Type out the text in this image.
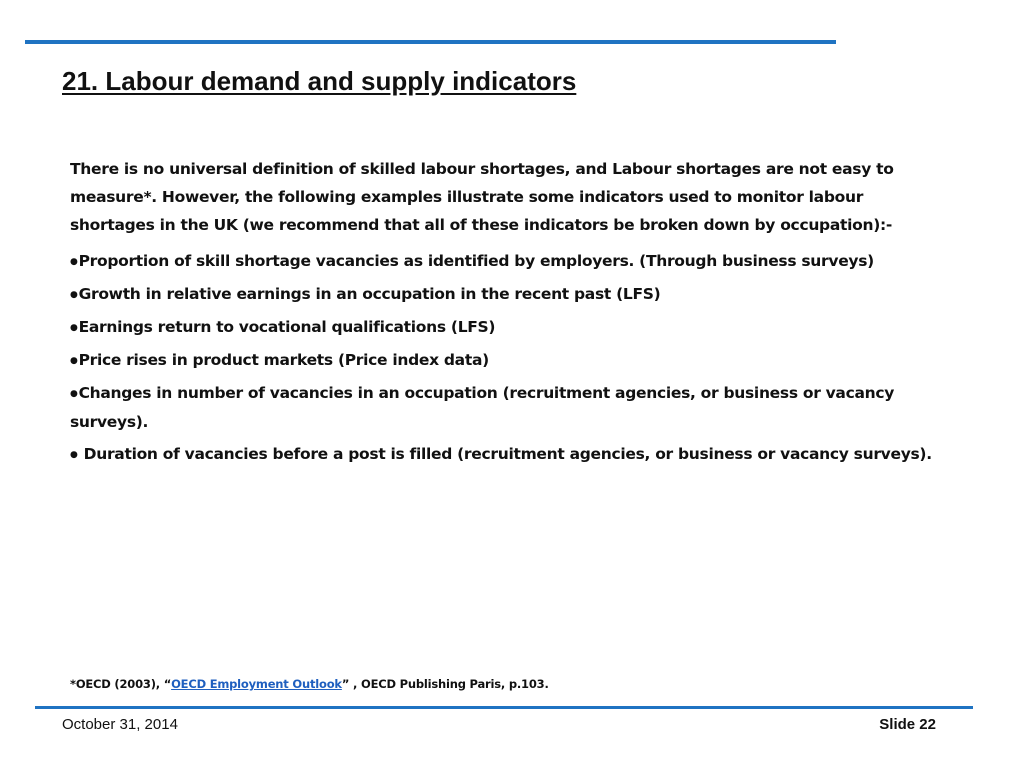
21. Labour demand and supply indicators

There is no universal definition of skilled labour shortages, and Labour shortages are not easy to measure*. However, the following examples illustrate some indicators used to monitor labour shortages in the UK (we recommend that all of these indicators be broken down by occupation):-

●Proportion of skill shortage vacancies as identified by employers. (Through business surveys)
●Growth in relative earnings in an occupation in the recent past (LFS)
●Earnings return to vocational qualifications (LFS)
●Price rises in product markets (Price index data)
●Changes in number of vacancies in an occupation (recruitment agencies, or business or vacancy surveys).
● Duration of vacancies before a post is filled (recruitment agencies, or business or vacancy surveys).
*OECD (2003), “OECD Employment Outlook” , OECD Publishing Paris, p.103.
October 31, 2014	Slide 22
